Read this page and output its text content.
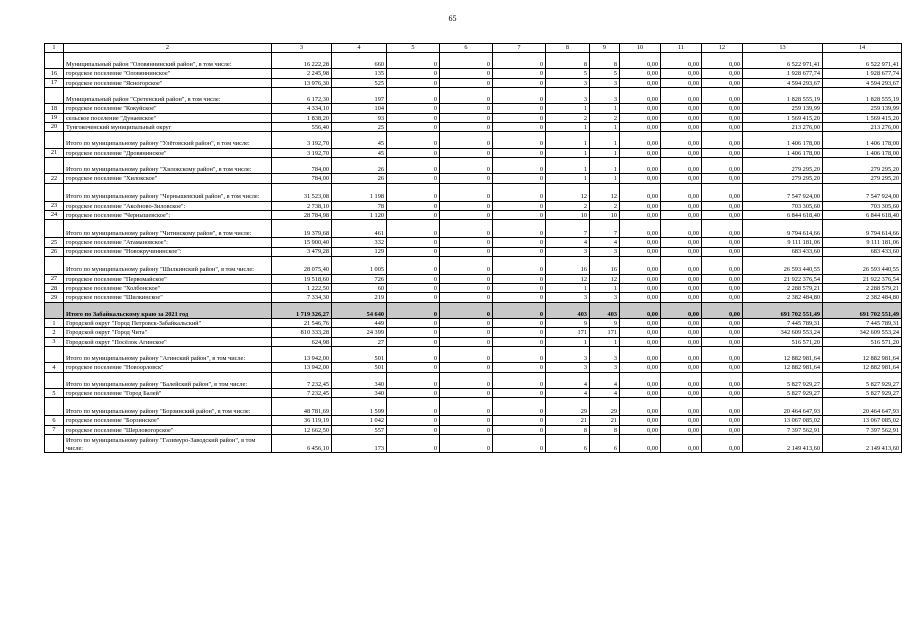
65
1	2	3	4	5	6	7	8	9	10	11	12	13	14
	Муниципальный район "Оловяннинский район", в том числе:	16 222,28	660	0	0	0	8	8	0,00	0,00	0,00	6 522 971,41	6 522 971,41
16	городское поселение "Оловяннинское"	2 245,98	135	0	0	0	5	5	0,00	0,00	0,00	1 928 677,74	1 928 677,74
17	городское поселение "Ясногорское"	13 976,30	525	0	0	0	3	3	0,00	0,00	0,00	4 594 293,67	4 594 293,67
	Муниципальный район "Сретенский район", в том числе:	6 172,30	197	0	0	0	3	3	0,00	0,00	0,00	1 828 555,19	1 828 555,19
18	городское поселение "Кокуйское"	4 334,10	104	0	0	0	1	1	0,00	0,00	0,00	259 139,99	259 139,99
19	сельское поселение "Дунаевское"	1 838,20	93	0	0	0	2	2	0,00	0,00	0,00	1 569 415,20	1 569 415,20
20	Тунгокоченский муниципальный округ	556,40	25	0	0	0	1	1	0,00	0,00	0,00	213 276,00	213 276,00
	Итого по муниципальному району "Улётовский район", в том числе:	3 192,70	45	0	0	0	1	1	0,00	0,00	0,00	1 406 178,00	1 406 178,00
21	городское поселение "Дровянинское"	3 192,70	45	0	0	0	1	1	0,00	0,00	0,00	1 406 178,00	1 406 178,00
	Итого по муниципальному району "Хилокскому район", в том числе:	784,00	26	0	0	0	1	1	0,00	0,00	0,00	279 295,20	279 295,20
22	городское поселение "Хилокское"	784,00	26	0	0	0	1	1	0,00	0,00	0,00	279 295,20	279 295,20
	Итого по муниципальному району "Чернышевский район", в том числе:	31 523,08	1 198	0	0	0	12	12	0,00	0,00	0,00	7 547 924,00	7 547 924,00
23	городское поселение "Аксёново-Зиловское":	2 738,10	78	0	0	0	2	2	0,00	0,00	0,00	703 305,60	703 305,60
24	городское поселение "Чернышевское":	28 784,98	1 120	0	0	0	10	10	0,00	0,00	0,00	6 844 618,40	6 844 618,40
	Итого по муниципальному району "Читинскому район", в том числе:	19 379,68	461	0	0	0	7	7	0,00	0,00	0,00	9 794 614,66	9 794 614,66
25	городское поселение "Атамановское":	15 900,40	332	0	0	0	4	4	0,00	0,00	0,00	9 111 181,06	9 111 181,06
26	городское поселение "Новокручининское":	3 479,28	129	0	0	0	3	3	0,00	0,00	0,00	683 433,60	683 433,60
	Итого по муниципальному району "Шилкинский район", в том числе:	28 075,40	1 005	0	0	0	16	16	0,00	0,00	0,00	26 593 440,55	26 593 440,55
27	городское поселение "Первомайское"	19 518,60	726	0	0	0	12	12	0,00	0,00	0,00	21 922 376,54	21 922 376,54
28	городское поселение "Холбонское"	1 222,50	60	0	0	0	1	1	0,00	0,00	0,00	2 288 579,21	2 288 579,21
29	городское поселение "Шилкинское"	7 334,30	219	0	0	0	3	3	0,00	0,00	0,00	2 382 484,80	2 382 484,80
	Итого по Забайкальскому краю за 2021 год	1 719 326,27	54 640	0	0	0	403	403	0,00	0,00	0,00	691 702 551,49	691 702 551,49
1	Городской округ "Город Петровск-Забайкальский"	21 546,76	449	0	0	0	9	9	0,00	0,00	0,00	7 445 789,31	7 445 789,31
2	Городской округ "Город Чита"	810 333,28	24 399	0	0	0	171	171	0,00	0,00	0,00	342 609 553,24	342 609 553,24
3	Городской округ "Посёлок Агинское"	624,98	27	0	0	0	1	1	0,00	0,00	0,00	516 571,20	516 571,20
	Итого по муниципальному району "Агинский район", в том числе:	13 942,00	501	0	0	0	3	3	0,00	0,00	0,00	12 882 981,64	12 882 981,64
4	городское поселение "Новоорловск"	13 942,00	501	0	0	0	3	3	0,00	0,00	0,00	12 882 981,64	12 882 981,64
	Итого по муниципальному району "Балейский район", в том числе:	7 232,45	340	0	0	0	4	4	0,00	0,00	0,00	5 827 929,27	5 827 929,27
5	городское поселение "Город Балей"	7 232,45	340	0	0	0	4	4	0,00	0,00	0,00	5 827 929,27	5 827 929,27
	Итого по муниципальному району "Борзинский район", в том числе:	48 781,69	1 599	0	0	0	29	29	0,00	0,00	0,00	20 464 647,93	20 464 647,93
6	городское поселение "Борзинское"	36 119,19	1 042	0	0	0	21	21	0,00	0,00	0,00	13 067 085,02	13 067 085,02
7	городское поселение "Шерловогорское"	12 662,50	557	0	0	0	8	8	0,00	0,00	0,00	7 397 562,91	7 397 562,91
	Итого по муниципальному району "Газимуро-Заводский район", в том числе:	6 456,10	173	0	0	0	6	6	0,00	0,00	0,00	2 149 413,60	2 149 413,60
